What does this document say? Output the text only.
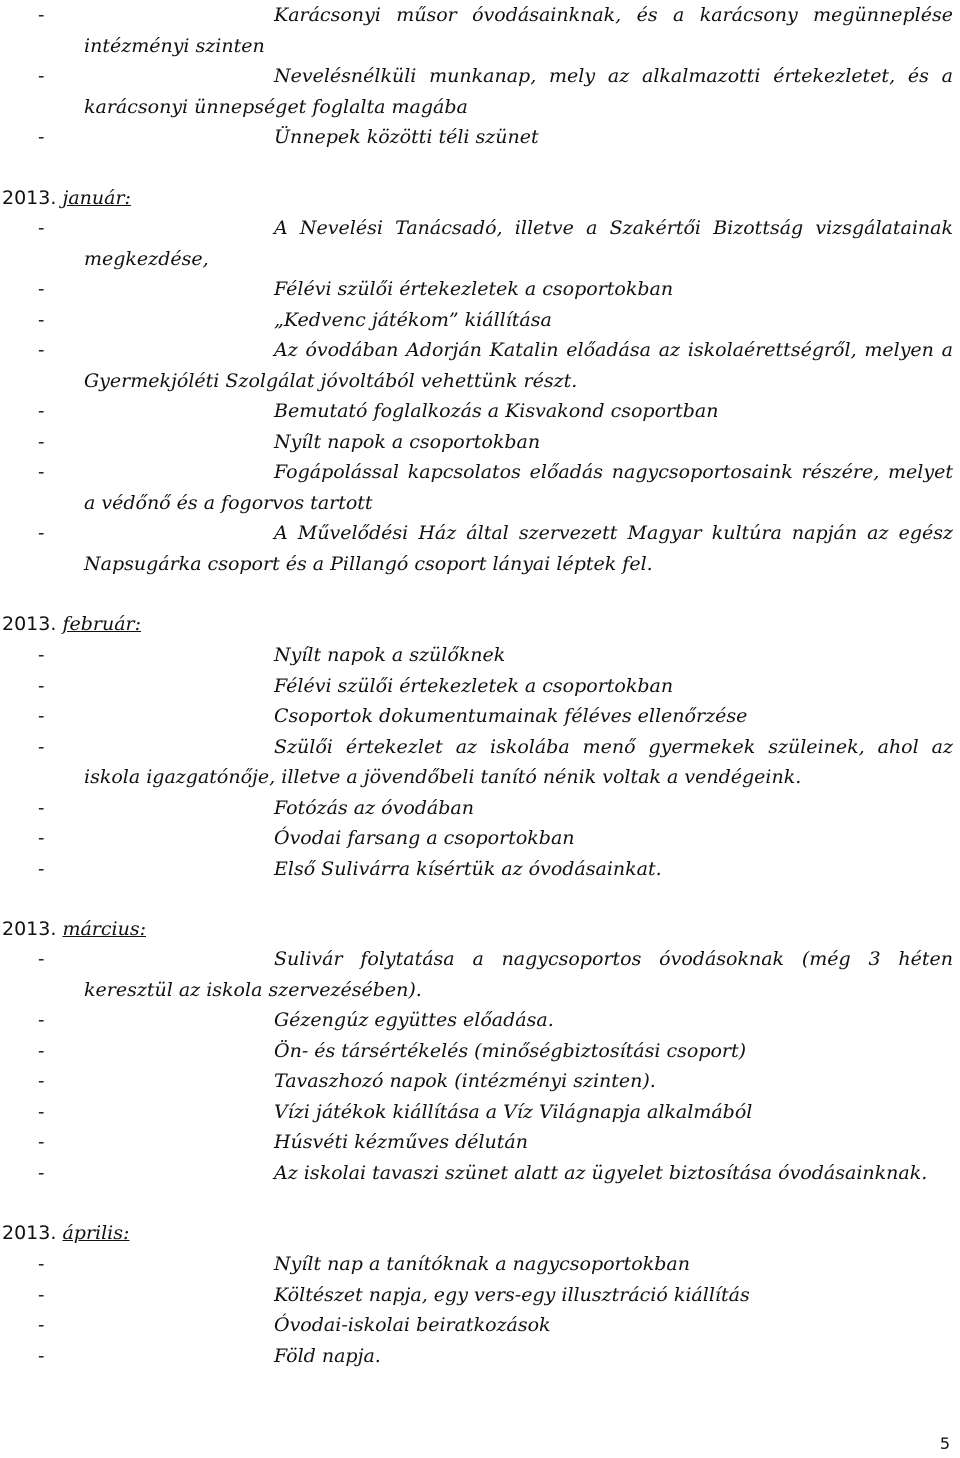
-	Karácsonyi műsor óvodásainknak, és a karácsony megünneplése intézményi szinten

-	Nevelésnélküli munkanap, mely az alkalmazotti értekezletet, és a karácsonyi ünnepséget foglalta magába

-	Ünnepek közötti téli szünet

2013. január:

-	A Nevelési Tanácsadó, illetve a Szakértői Bizottság vizsgálatainak megkezdése,

-	Félévi szülői értekezletek a csoportokban

-	„Kedvenc játékom” kiállítása

-	Az óvodában Adorján Katalin előadása az iskolaérettségről, melyen a Gyermekjóléti Szolgálat jóvoltából vehettünk részt.

-	Bemutató foglalkozás a Kisvakond csoportban

-	Nyílt napok a csoportokban

-	Fogápolással kapcsolatos előadás nagycsoportosaink részére, melyet a védőnő és a fogorvos tartott

-	A Művelődési Ház által szervezett Magyar kultúra napján az egész Napsugárka csoport és a Pillangó csoport lányai léptek fel.

2013. február:

-	Nyílt napok a szülőknek

-	Félévi szülői értekezletek a csoportokban

-	Csoportok dokumentumainak féléves ellenőrzése

-	Szülői értekezlet az iskolába menő gyermekek szüleinek, ahol az iskola igazgatónője, illetve a jövendőbeli tanító nénik voltak a vendégeink.

-	Fotózás az óvodában

-	Óvodai farsang a csoportokban

-	Első Sulivárra kísértük az óvodásainkat.

2013. március:

-	Sulivár folytatása a nagycsoportos óvodásoknak (még 3 héten keresztül az iskola szervezésében).

-	Gézengúz együttes előadása.

-	Ön- és társértékelés (minőségbiztosítási csoport)

-	Tavaszhozó napok (intézményi szinten).

-	Vízi játékok kiállítása a Víz Világnapja alkalmából

-	Húsvéti kézműves délután

-	Az iskolai tavaszi szünet alatt az ügyelet biztosítása óvodásainknak.

2013. április:

-	Nyílt nap a tanítóknak a nagycsoportokban

-	Költészet napja, egy vers-egy illusztráció kiállítás

-	Óvodai-iskolai beiratkozások

-	Föld napja.

5
